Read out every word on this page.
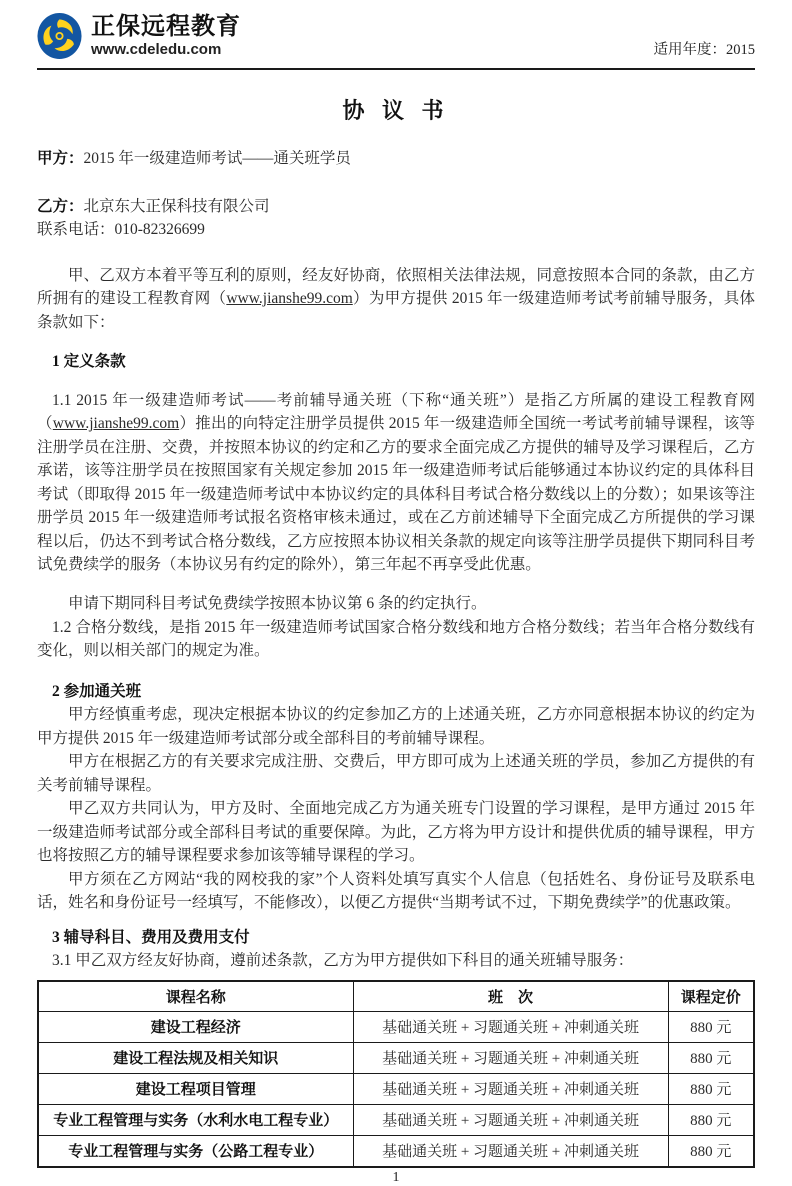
正保远程教育
www.cdeledu.com	适用年度：2015
协 议 书
甲方：2015 年一级建造师考试——通关班学员
乙方：北京东大正保科技有限公司
联系电话：010-82326699

甲、乙双方本着平等互利的原则，经友好协商，依照相关法律法规，同意按照本合同的条款，由乙方所拥有的建设工程教育网（www.jianshe99.com）为甲方提供 2015 年一级建造师考试考前辅导服务，具体条款如下：

1 定义条款

1.1 2015 年一级建造师考试——考前辅导通关班（下称“通关班”）是指乙方所属的建设工程教育网（www.jianshe99.com）推出的向特定注册学员提供 2015 年一级建造师全国统一考试考前辅导课程，该等注册学员在注册、交费，并按照本协议的约定和乙方的要求全面完成乙方提供的辅导及学习课程后，乙方承诺，该等注册学员在按照国家有关规定参加 2015 年一级建造师考试后能够通过本协议约定的具体科目考试（即取得 2015 年一级建造师考试中本协议约定的具体科目考试合格分数线以上的分数）；如果该等注册学员 2015 年一级建造师考试报名资格审核未通过，或在乙方前述辅导下全面完成乙方所提供的学习课程以后，仍达不到考试合格分数线，乙方应按照本协议相关条款的规定向该等注册学员提供下期同科目考试免费续学的服务（本协议另有约定的除外），第三年起不再享受此优惠。

申请下期同科目考试免费续学按照本协议第 6 条的约定执行。

1.2 合格分数线，是指 2015 年一级建造师考试国家合格分数线和地方合格分数线；若当年合格分数线有变化，则以相关部门的规定为准。

2 参加通关班

甲方经慎重考虑，现决定根据本协议的约定参加乙方的上述通关班，乙方亦同意根据本协议的约定为甲方提供 2015 年一级建造师考试部分或全部科目的考前辅导课程。

甲方在根据乙方的有关要求完成注册、交费后，甲方即可成为上述通关班的学员，参加乙方提供的有关考前辅导课程。

甲乙双方共同认为，甲方及时、全面地完成乙方为通关班专门设置的学习课程，是甲方通过 2015 年一级建造师考试部分或全部科目考试的重要保障。为此，乙方将为甲方设计和提供优质的辅导课程，甲方也将按照乙方的辅导课程要求参加该等辅导课程的学习。

甲方须在乙方网站“我的网校我的家”个人资料处填写真实个人信息（包括姓名、身份证号及联系电话，姓名和身份证号一经填写，不能修改），以便乙方提供“当期考试不过，下期免费续学”的优惠政策。

3 辅导科目、费用及费用支付

3.1 甲乙双方经友好协商，遵前述条款，乙方为甲方提供如下科目的通关班辅导服务：

课程名称	班　次	课程定价
建设工程经济	基础通关班 + 习题通关班 + 冲刺通关班	880 元
建设工程法规及相关知识	基础通关班 + 习题通关班 + 冲刺通关班	880 元
建设工程项目管理	基础通关班 + 习题通关班 + 冲刺通关班	880 元
专业工程管理与实务（水利水电工程专业）	基础通关班 + 习题通关班 + 冲刺通关班	880 元
专业工程管理与实务（公路工程专业）	基础通关班 + 习题通关班 + 冲刺通关班	880 元
1
